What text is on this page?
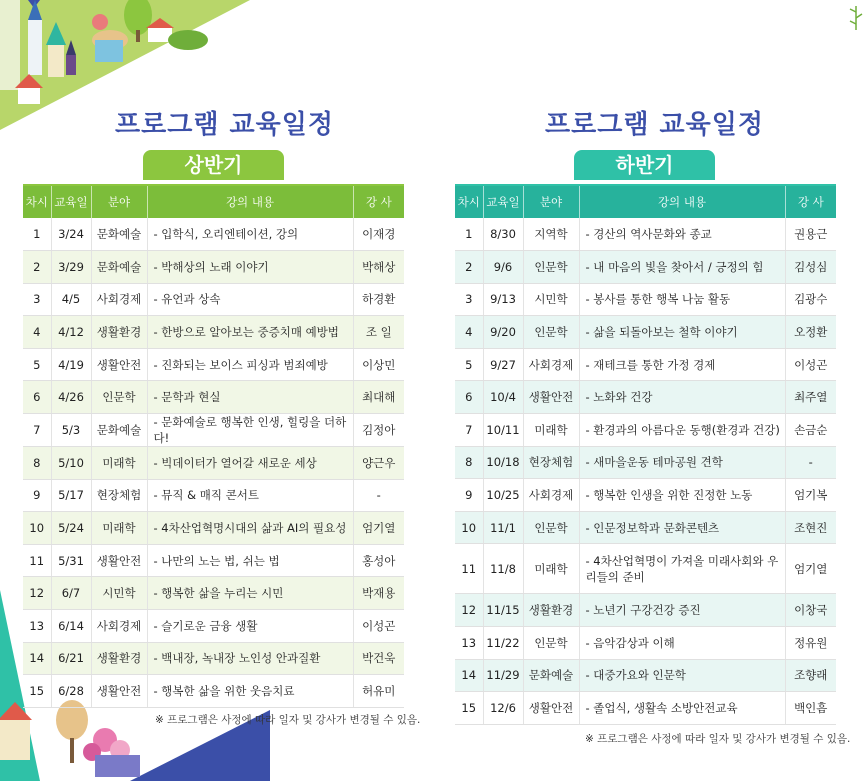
프로그램 교육일정
상반기
차시	교육일	분야	강의 내용	강 사
1	3/24	문화예술	- 입학식, 오리엔테이션, 강의	이재경
2	3/29	문화예술	- 박해상의 노래 이야기	박해상
3	4/5	사회경제	- 유언과 상속	하경환
4	4/12	생활환경	- 한방으로 알아보는 중증치매 예방법	조 일
5	4/19	생활안전	- 진화되는 보이스 피싱과 범죄예방	이상민
6	4/26	인문학	- 문학과 현실	최대해
7	5/3	문화예술	- 문화예술로 행복한 인생, 힐링을 더하다!	김정아
8	5/10	미래학	- 빅데이터가 열어갈 새로운 세상	양근우
9	5/17	현장체험	- 뮤직 & 매직 콘서트	-
10	5/24	미래학	- 4차산업혁명시대의 삶과 AI의 필요성	엄기열
11	5/31	생활안전	- 나만의 노는 법, 쉬는 법	홍성아
12	6/7	시민학	- 행복한 삶을 누리는 시민	박재용
13	6/14	사회경제	- 슬기로운 금융 생활	이성곤
14	6/21	생활환경	- 백내장, 녹내장 노인성 안과질환	박건욱
15	6/28	생활안전	- 행복한 삶을 위한 웃음치료	허유미
※ 프로그램은 사정에 따라 일자 및 강사가 변경될 수 있음.
프로그램 교육일정
하반기
차시	교육일	분야	강의 내용	강 사
1	8/30	지역학	- 경산의 역사문화와 종교	권용근
2	9/6	인문학	- 내 마음의 빛을 찾아서 / 긍정의 힘	김성심
3	9/13	시민학	- 봉사를 통한 행복 나눔 활동	김광수
4	9/20	인문학	- 삶을 되돌아보는 철학 이야기	오정환
5	9/27	사회경제	- 재테크를 통한 가정 경제	이성곤
6	10/4	생활안전	- 노화와 건강	최주열
7	10/11	미래학	- 환경과의 아름다운 동행(환경과 건강)	손금순
8	10/18	현장체험	- 새마을운동 테마공원 견학	-
9	10/25	사회경제	- 행복한 인생을 위한 진정한 노동	엄기복
10	11/1	인문학	- 인문정보학과 문화콘텐츠	조현진
11	11/8	미래학	- 4차산업혁명이 가져올 미래사회와 우리들의 준비	엄기열
12	11/15	생활환경	- 노년기 구강건강 증진	이창국
13	11/22	인문학	- 음악감상과 이해	정유원
14	11/29	문화예술	- 대중가요와 인문학	조향래
15	12/6	생활안전	- 졸업식, 생활속 소방안전교육	백인흠
※ 프로그램은 사정에 따라 일자 및 강사가 변경될 수 있음.
